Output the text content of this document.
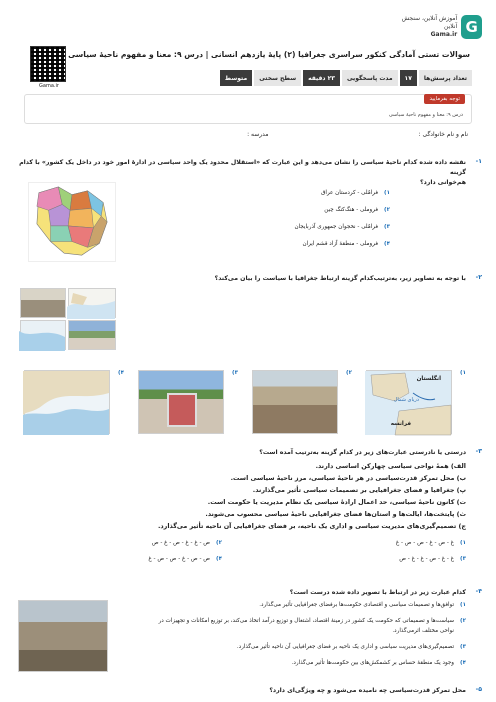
G
آموزش آنلاین، سنجش آنلاین
Gama.ir
Gama.ir
سوالات تستی آمادگی کنکور سراسری جغرافیا (۲) پایهٔ یازدهم انسانی | درس ۹: معنا و مفهوم ناحیهٔ سیاسی
تعداد پرسش‌ها
۱۷
مدت پاسخگویی
۲۳ دقیقه
سطح سختی
متوسط
توجه بفرمایید
درس ۹: معنا و مفهوم ناحیهٔ سیاسی
نام و نام خانوادگی :
مدرسه :
-۱
نقشه داده شده کدام ناحیهٔ سیاسی را نشان می‌دهد و این عبارت که «استقلال محدود یک واحد سیاسی در ادارهٔ امور خود در داخل یک کشور» با کدام گزینه
هم‌خوانی دارد؟
۱)
فرامّلی - کردستان عراق
۲)
فروملی - هنگ‌کنگ چین
۳)
فرامّلی - نخجوان جمهوری آذربایجان
۴)
فروملی - منطقهٔ آزاد قشم ایران
-۲
با توجه به تصاویر زیر، به‌ترتیب‌کدام گزینه ارتباط جغرافیا با سیاست را بیان می‌کند؟
۱)
انگلستان
دریای شمال
فرانسه
۲)
۳)
۴)
-۳
درستی یا نادرستی عبارت‌های زیر در کدام گزینه به‌ترتیب آمده است؟
الف) همهٔ نواحی سیاسی چهارکن اساسی دارند.
ب) محل تمرکز قدرت‌سیاسی در هر ناحیهٔ سیاسی، مرز ناحیهٔ سیاسی است.
پ) جغرافیا و فضای جغرافیایی بر تصمیمات سیاسی تأثیر می‌گذارند.
ت) کانون ناحیهٔ سیاسی، حد اعمال ارادهٔ سیاسی یک نظام مدیریت یا حکومت است.
ث) پایتخت‌ها، ایالت‌ها و استان‌ها فضای جغرافیایی ناحیهٔ سیاسی محسوب می‌شوند.
ج) تصمیم‌گیری‌های مدیریت سیاسی و اداری یک ناحیه، بر فضای جغرافیایی آن ناحیه تأثیر می‌گذارد.
۱)
غ - ص - غ - ص - ص - غ
۲)
ص - غ - غ - ص - غ - ص
۳)
غ - غ - ص - غ - غ - ص
۴)
ص - ص - غ - ص - ص - غ
-۴
کدام عبارت زیر در ارتباط با تصویر داده شده درست است؟
۱)
توافق‌ها و تصمیمات سیاسی و اقتصادی حکومت‌ها برفضای جغرافیایی تأثیر می‌گذارد.
۲)
سیاست‌ها و تصمیماتی که حکومت یک کشور در زمینهٔ اقتصاد، اشتغال و توزیع درآمد اتخاذ می‌کند، بر توزیع امکانات و تجهیزات در
نواحی مختلف اثرمی‌گذارد.
۳)
تصمیم‌گیری‌های مدیریت سیاسی و اداری یک ناحیه بر فضای جغرافیایی آن ناحیه تأثیر می‌گذارد.
۴)
وجود یک منطقهٔ حساس بر کشمکش‌های بین حکومت‌ها تأثیر می‌گذارد.
-۵
محل تمرکز قدرت‌سیاسی چه نامیده می‌شود و چه ویژگی‌ای دارد؟
